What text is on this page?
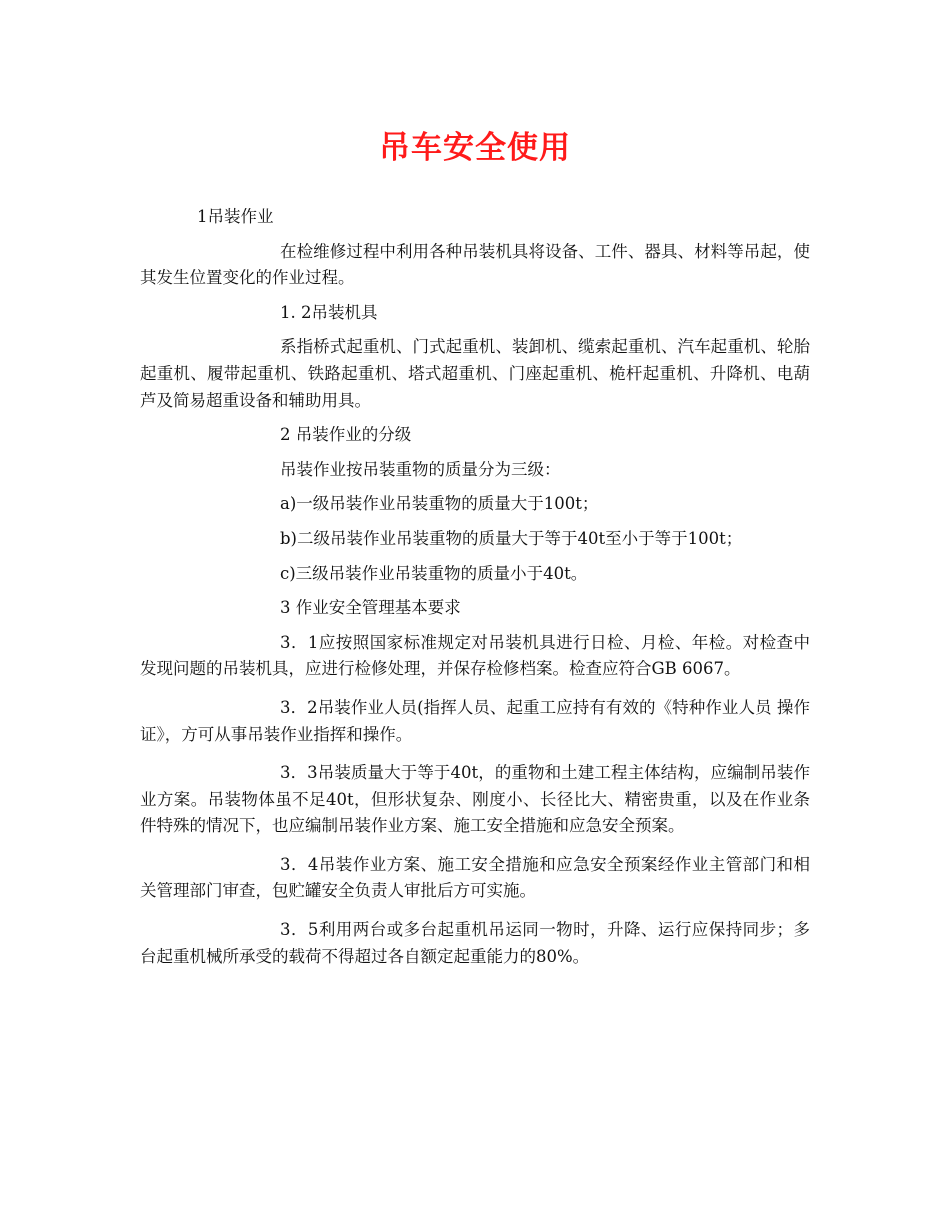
吊车安全使用

1吊装作业

在检维修过程中利用各种吊装机具将设备、工件、器具、材料等吊起，使其发生位置变化的作业过程。

1. 2吊装机具

系指桥式起重机、门式起重机、装卸机、缆索起重机、汽车起重机、轮胎起重机、履带起重机、铁路起重机、塔式超重机、门座起重机、桅杆起重机、升降机、电葫芦及简易超重设备和辅助用具。

2 吊装作业的分级

吊装作业按吊装重物的质量分为三级：

a)一级吊装作业吊装重物的质量大于100t；

b)二级吊装作业吊装重物的质量大于等于40t至小于等于100t；

c)三级吊装作业吊装重物的质量小于40t。

3 作业安全管理基本要求

3．1应按照国家标准规定对吊装机具进行日检、月检、年检。对检查中发现问题的吊装机具，应进行检修处理，并保存检修档案。检查应符合GB 6067。

3．2吊装作业人员(指挥人员、起重工应持有有效的《特种作业人员 操作证》，方可从事吊装作业指挥和操作。

3．3吊装质量大于等于40t，的重物和土建工程主体结构，应编制吊装作业方案。吊装物体虽不足40t，但形状复杂、刚度小、长径比大、精密贵重，以及在作业条件特殊的情况下，也应编制吊装作业方案、施工安全措施和应急安全预案。

3．4吊装作业方案、施工安全措施和应急安全预案经作业主管部门和相关管理部门审查，包贮罐安全负责人审批后方可实施。

3．5利用两台或多台起重机吊运同一物时，升降、运行应保持同步；多台起重机械所承受的载荷不得超过各自额定起重能力的80%。
